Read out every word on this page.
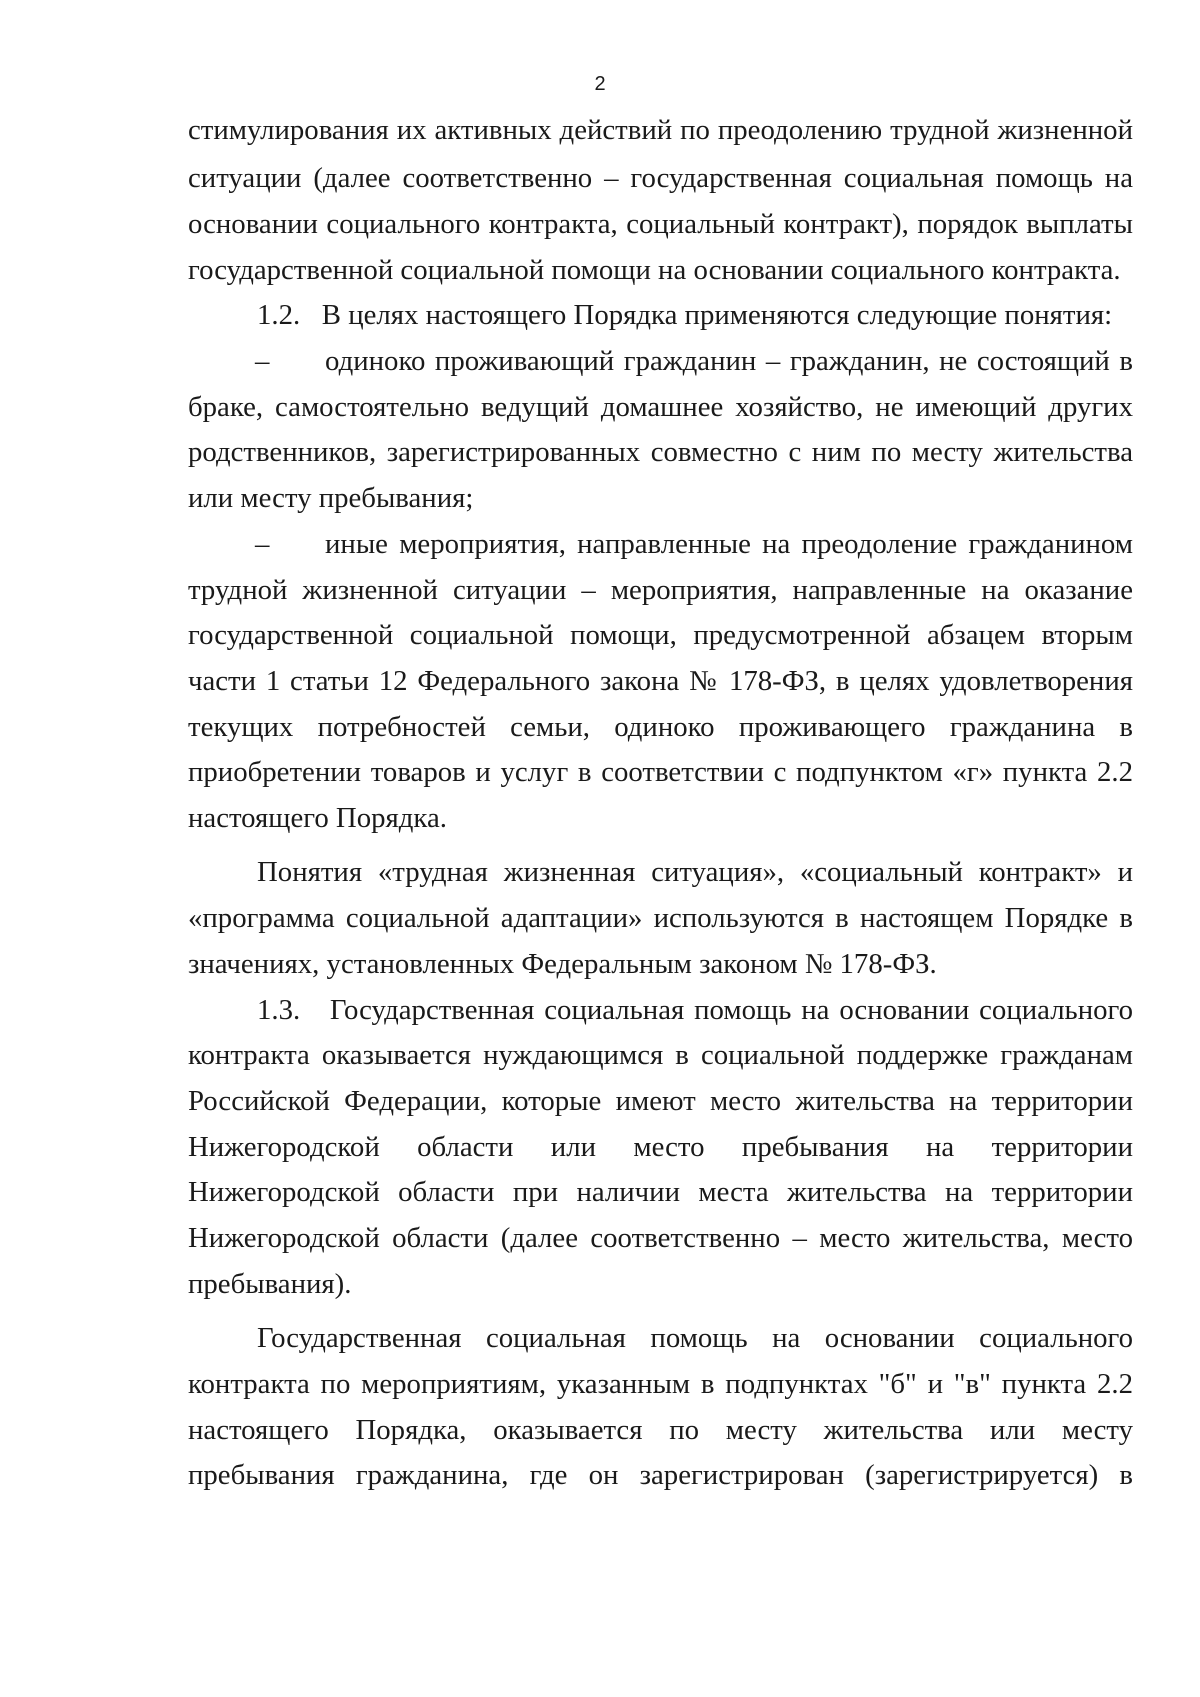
2
стимулирования их активных действий по преодолению трудной жизненной
ситуации (далее соответственно – государственная социальная помощь на
основании социального контракта, социальный контракт), порядок выплаты
государственной социальной помощи на основании социального контракта.
1.2.   В целях настоящего Порядка применяются следующие понятия:
– одиноко проживающий гражданин – гражданин, не состоящий в
браке, самостоятельно ведущий домашнее хозяйство, не имеющий других
родственников, зарегистрированных совместно с ним по месту жительства
или месту пребывания;
– иные мероприятия, направленные на преодоление гражданином
трудной жизненной ситуации – мероприятия, направленные на оказание
государственной социальной помощи, предусмотренной абзацем вторым
части 1 статьи 12 Федерального закона № 178-ФЗ, в целях удовлетворения
текущих потребностей семьи, одиноко проживающего гражданина в
приобретении товаров и услуг в соответствии с подпунктом «г» пункта 2.2
настоящего Порядка.
Понятия «трудная жизненная ситуация», «социальный контракт» и
«программа социальной адаптации» используются в настоящем Порядке в
значениях, установленных Федеральным законом № 178-ФЗ.
1.3.   Государственная социальная помощь на основании социального
контракта оказывается нуждающимся в социальной поддержке гражданам
Российской Федерации, которые имеют место жительства на территории
Нижегородской области или место пребывания на территории
Нижегородской области при наличии места жительства на территории
Нижегородской области (далее соответственно – место жительства, место
пребывания).
Государственная социальная помощь на основании социального
контракта по мероприятиям, указанным в подпунктах "б" и "в" пункта 2.2
настоящего Порядка, оказывается по месту жительства или месту
пребывания гражданина, где он зарегистрирован (зарегистрируется) в
